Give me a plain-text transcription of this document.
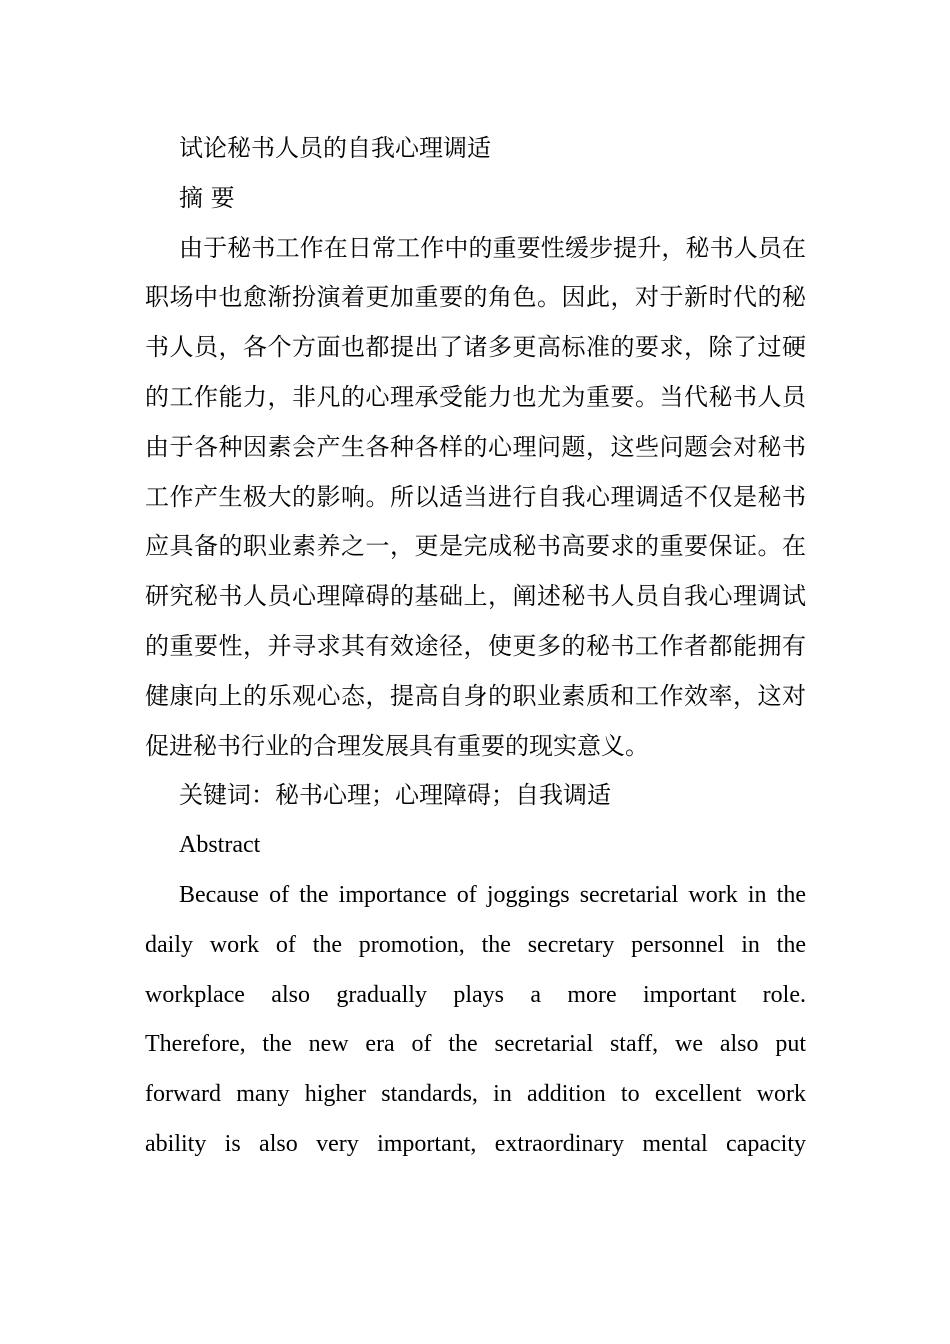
试论秘书人员的自我心理调适

摘 要

由于秘书工作在日常工作中的重要性缓步提升，秘书人员在职场中也愈渐扮演着更加重要的角色。因此，对于新时代的秘书人员，各个方面也都提出了诸多更高标准的要求，除了过硬的工作能力，非凡的心理承受能力也尤为重要。当代秘书人员由于各种因素会产生各种各样的心理问题，这些问题会对秘书工作产生极大的影响。所以适当进行自我心理调适不仅是秘书应具备的职业素养之一，更是完成秘书高要求的重要保证。在研究秘书人员心理障碍的基础上，阐述秘书人员自我心理调试的重要性，并寻求其有效途径，使更多的秘书工作者都能拥有健康向上的乐观心态，提高自身的职业素质和工作效率，这对促进秘书行业的合理发展具有重要的现实意义。

关键词：秘书心理；心理障碍；自我调适

Abstract

Because of the importance of joggings secretarial work in the

daily work of the promotion, the secretary personnel in the

workplace also gradually plays a more important role.

Therefore, the new era of the secretarial staff, we also put

forward many higher standards, in addition to excellent work

ability is also very important, extraordinary mental capacity
